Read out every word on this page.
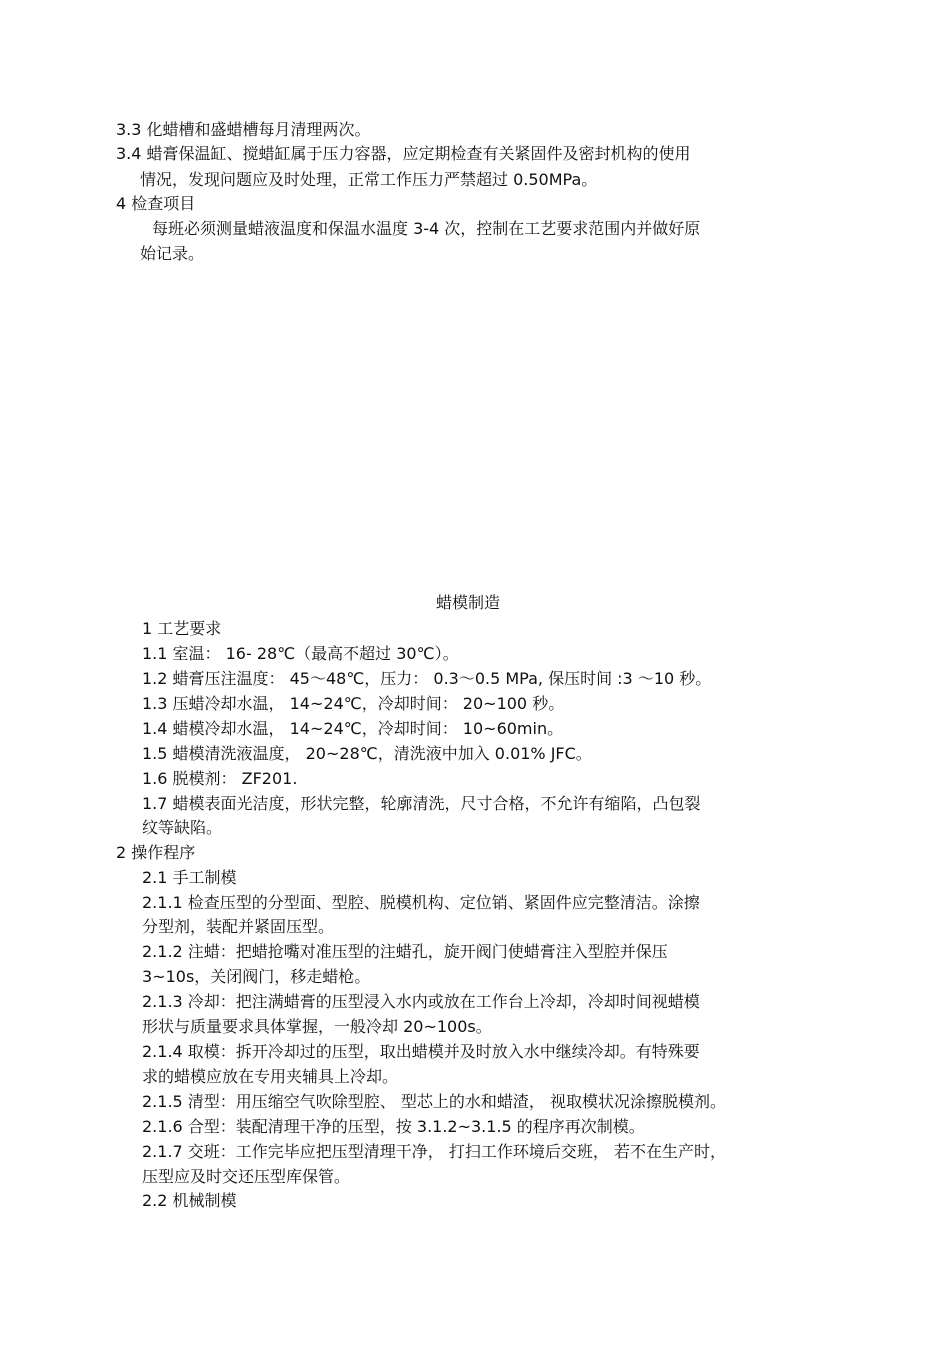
3.3 化蜡槽和盛蜡槽每月清理两次。
3.4 蜡膏保温缸、搅蜡缸属于压力容器，应定期检查有关紧固件及密封机构的使用
情况，发现问题应及时处理，正常工作压力严禁超过 0.50MPa。
4 检查项目
每班必须测量蜡液温度和保温水温度 3-4 次，控制在工艺要求范围内并做好原
始记录。
蜡模制造
1 工艺要求
1.1 室温： 16- 28℃（最高不超过 30℃）。
1.2 蜡膏压注温度： 45～48℃，压力： 0.3～0.5 MPa, 保压时间 :3 ～10 秒。
1.3 压蜡冷却水温， 14~24℃，冷却时间： 20~100 秒。
1.4 蜡模冷却水温， 14~24℃，冷却时间： 10~60min。
1.5 蜡模清洗液温度， 20~28℃，清洗液中加入 0.01% JFC。
1.6 脱模剂： ZF201.
1.7 蜡模表面光洁度，形状完整，轮廓清洗，尺寸合格，不允许有缩陷，凸包裂
纹等缺陷。
2 操作程序
2.1 手工制模
2.1.1 检查压型的分型面、型腔、脱模机构、定位销、紧固件应完整清洁。涂擦
分型剂，装配并紧固压型。
2.1.2 注蜡：把蜡抢嘴对准压型的注蜡孔，旋开阀门使蜡膏注入型腔并保压
3~10s，关闭阀门，移走蜡枪。
2.1.3 冷却：把注满蜡膏的压型浸入水内或放在工作台上冷却，冷却时间视蜡模
形状与质量要求具体掌握，一般冷却 20~100s。
2.1.4 取模：拆开冷却过的压型，取出蜡模并及时放入水中继续冷却。有特殊要
求的蜡模应放在专用夹辅具上冷却。
2.1.5 清型：用压缩空气吹除型腔、 型芯上的水和蜡渣， 视取模状况涂擦脱模剂。
2.1.6 合型：装配清理干净的压型，按 3.1.2~3.1.5 的程序再次制模。
2.1.7 交班：工作完毕应把压型清理干净， 打扫工作环境后交班， 若不在生产时，
压型应及时交还压型库保管。
2.2 机械制模
